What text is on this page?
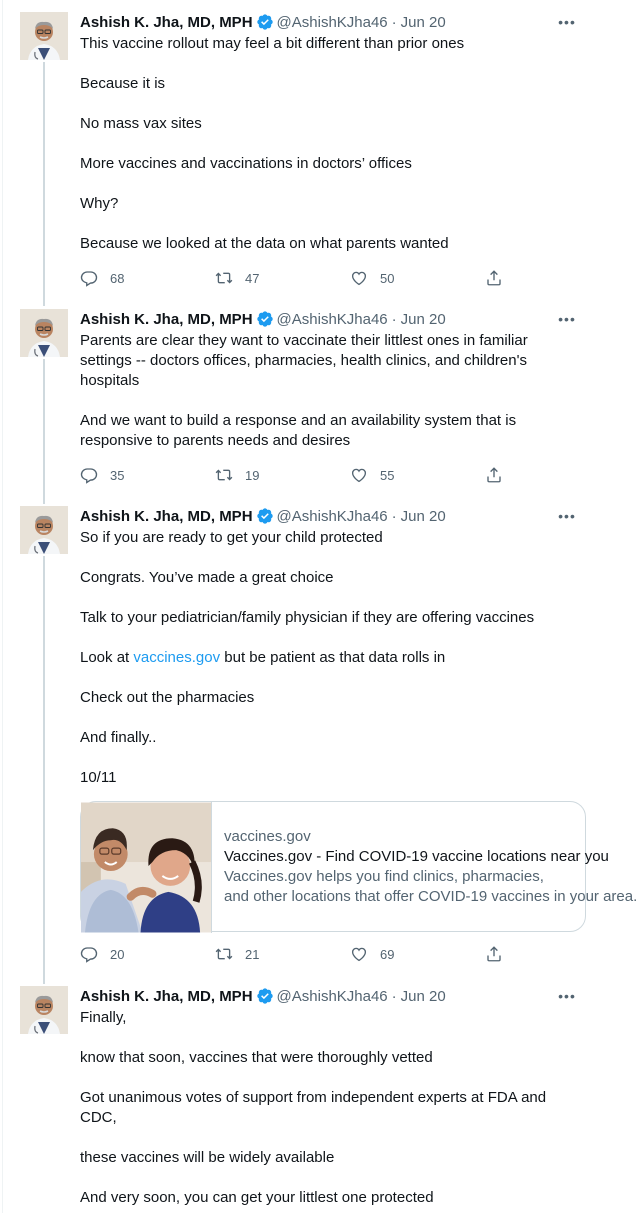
Ashish K. Jha, MD, MPH @AshishKJha46 · Jun 20	•••

This vaccine rollout may feel a bit different than prior ones

Because it is

No mass vax sites

More vaccines and vaccinations in doctors’ offices

Why?

Because we looked at the data on what parents wanted

68	47	50
Ashish K. Jha, MD, MPH @AshishKJha46 · Jun 20	•••

Parents are clear they want to vaccinate their littlest ones in familiar settings -- doctors offices, pharmacies, health clinics, and children's hospitals

And we want to build a response and an availability system that is responsive to parents needs and desires

35	19	55
Ashish K. Jha, MD, MPH @AshishKJha46 · Jun 20	•••

So if you are ready to get your child protected

Congrats. You’ve made a great choice

Talk to your pediatrician/family physician if they are offering vaccines

Look at vaccines.gov but be patient as that data rolls in

Check out the pharmacies

And finally..

10/11

vaccines.gov
Vaccines.gov - Find COVID-19 vaccine locations near you
Vaccines.gov helps you find clinics, pharmacies,
and other locations that offer COVID-19 vaccines in your area.
20	21	69
Ashish K. Jha, MD, MPH @AshishKJha46 · Jun 20	•••

Finally,

know that soon, vaccines that were thoroughly vetted

Got unanimous votes of support from independent experts at FDA and CDC,

these vaccines will be widely available

And very soon, you can get your littlest one protected
